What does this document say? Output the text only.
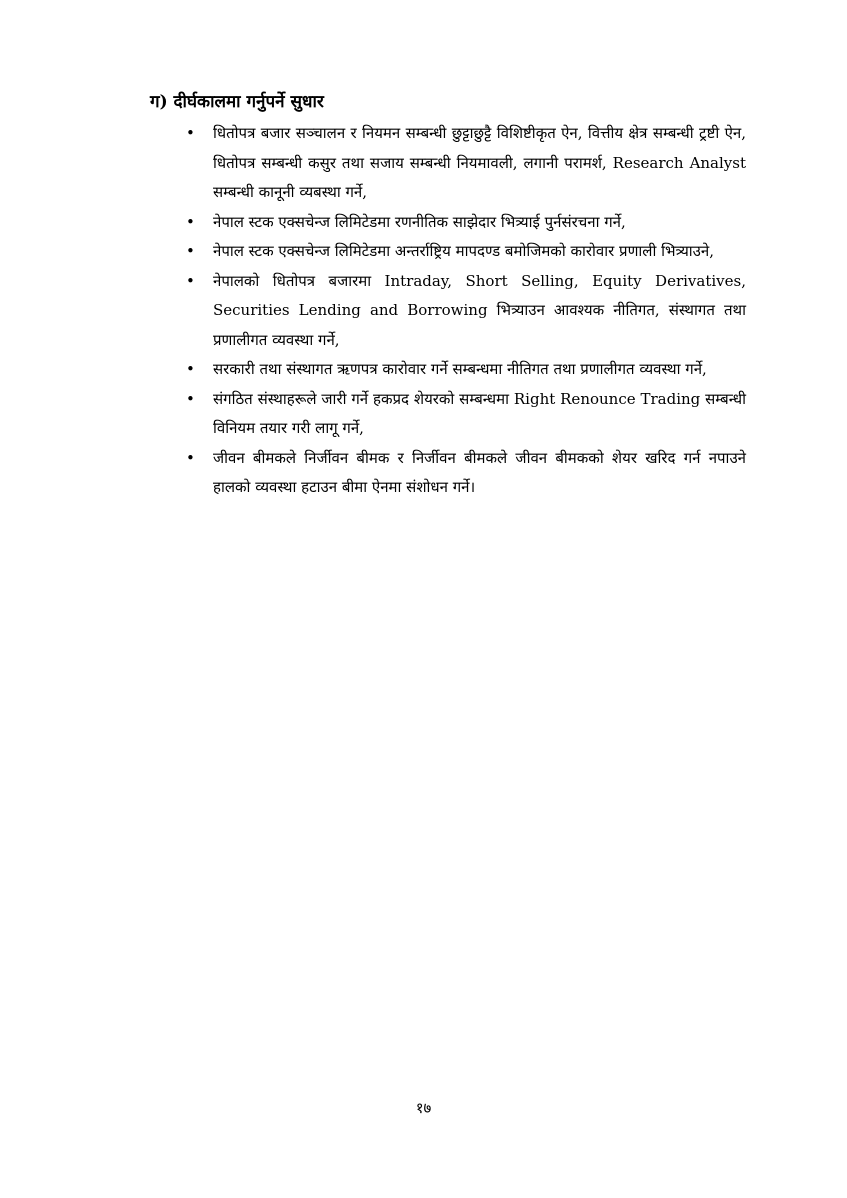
ग) दीर्घकालमा गर्नुपर्ने सुधार
• धितोपत्र बजार सञ्चालन र नियमन सम्बन्धी छुट्टाछुट्टै विशिष्टीकृत ऐन, वित्तीय क्षेत्र सम्बन्धी ट्रष्टी ऐन, धितोपत्र सम्बन्धी कसुर तथा सजाय सम्बन्धी नियमावली, लगानी परामर्श, Research Analyst सम्बन्धी कानूनी व्यबस्था गर्ने,
• नेपाल स्टक एक्सचेन्ज लिमिटेडमा रणनीतिक साझेदार भित्र्याई पुर्नसंरचना गर्ने,
• नेपाल स्टक एक्सचेन्ज लिमिटेडमा अन्तर्राष्ट्रिय मापदण्ड बमोजिमको कारोवार प्रणाली भित्र्याउने,
• नेपालको धितोपत्र बजारमा Intraday, Short Selling, Equity Derivatives, Securities Lending and Borrowing भित्र्याउन आवश्यक नीतिगत, संस्थागत तथा प्रणालीगत व्यवस्था गर्ने,
• सरकारी तथा संस्थागत ऋणपत्र कारोवार गर्ने सम्बन्धमा नीतिगत तथा प्रणालीगत व्यवस्था गर्ने,
• संगठित संस्थाहरूले जारी गर्ने हकप्रद शेयरको सम्बन्धमा Right Renounce Trading सम्बन्धी विनियम तयार गरी लागू गर्ने,
• जीवन बीमकले निर्जीवन बीमक र निर्जीवन बीमकले जीवन बीमकको शेयर खरिद गर्न नपाउने हालको व्यवस्था हटाउन बीमा ऐनमा संशोधन गर्ने।
१७
